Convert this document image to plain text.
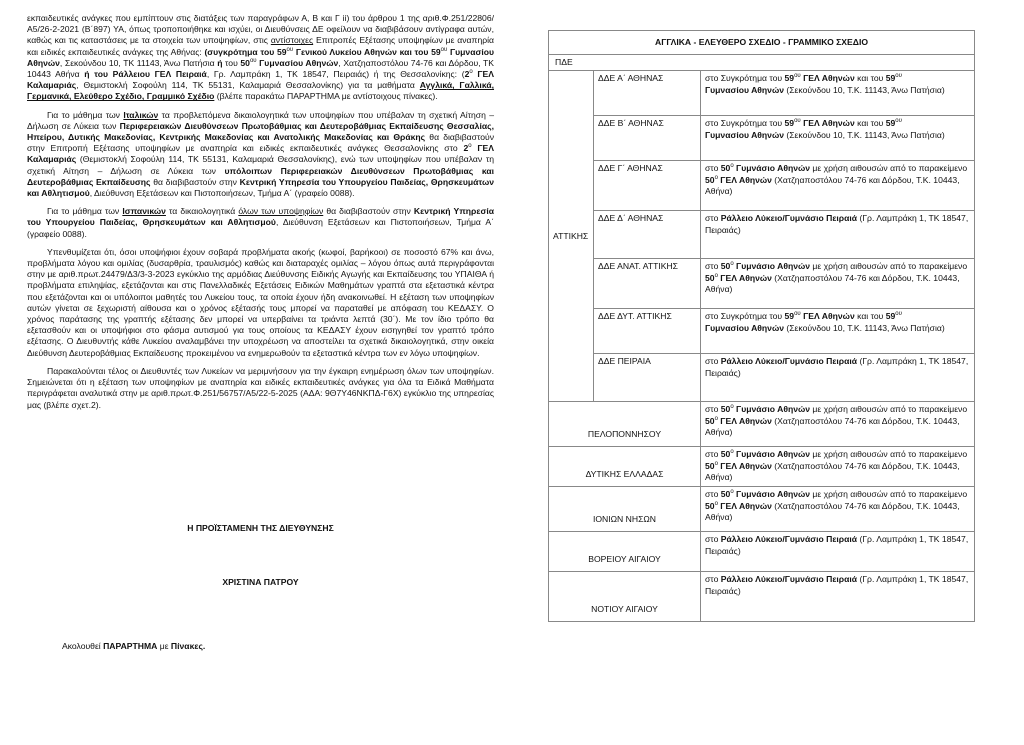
εκπαιδευτικές ανάγκες που εμπίπτουν στις διατάξεις των παραγράφων Α, Β και Γ ii) του άρθρου 1 της αριθ.Φ.251/22806/Α5/26-2-2021 (Β΄897) ΥΑ, όπως τροποποιήθηκε και ισχύει, οι Διευθύνσεις ΔΕ οφείλουν να διαβιβάσουν αντίγραφα αυτών, καθώς και τις καταστάσεις με τα στοιχεία των υποψηφίων, στις αντίστοιχες Επιτροπές Εξέτασης υποψηφίων με αναπηρία και ειδικές εκπαιδευτικές ανάγκες της Αθήνας: (συγκρότημα του $59^{o\upsilon}$ Γενικού Λυκείου Αθηνών και του $59^{o\upsilon}$ Γυμνασίου Αθηνών, Σεκούνδου 10, ΤΚ 11143, Άνω Πατήσια ή του $50^{o\upsilon}$ Γυμνασίου Αθηνών, Χατζηαποστόλου 74-76 και Δόρδου, ΤΚ 10443 Αθήνα ή του Ράλλειου ΓΕΛ Πειραιά, Γρ. Λαμπράκη 1, ΤΚ 18547, Πειραιάς) ή της Θεσσαλονίκης: ($2^o$ ΓΕΛ Καλαμαριάς, Θεμιστοκλή Σοφούλη 114, ΤΚ 55131, Καλαμαριά Θεσσαλονίκης) για τα μαθήματα Αγγλικά, Γαλλικά, Γερμανικά, Ελεύθερο Σχέδιο, Γραμμικό Σχέδιο (βλέπε παρακάτω ΠΑΡΑΡΤΗΜΑ με αντίστοιχους πίνακες).

Για το μάθημα των Ιταλικών τα προβλεπόμενα δικαιολογητικά των υποψηφίων που υπέβαλαν τη σχετική Αίτηση – Δήλωση σε Λύκεια των Περιφερειακών Διευθύνσεων Πρωτοβάθμιας και Δευτεροβάθμιας Εκπαίδευσης Θεσσαλίας, Ηπείρου, Δυτικής Μακεδονίας, Κεντρικής Μακεδονίας και Ανατολικής Μακεδονίας και Θράκης θα διαβιβαστούν στην Επιτροπή Εξέτασης υποψηφίων με αναπηρία και ειδικές εκπαιδευτικές ανάγκες Θεσσαλονίκης στο $2^o$ ΓΕΛ Καλαμαριάς (Θεμιστοκλή Σοφούλη 114, ΤΚ 55131, Καλαμαριά Θεσσαλονίκης), ενώ των υποψηφίων που υπέβαλαν τη σχετική Αίτηση – Δήλωση σε Λύκεια των υπόλοιπων Περιφερειακών Διευθύνσεων Πρωτοβάθμιας και Δευτεροβάθμιας Εκπαίδευσης θα διαβιβαστούν στην Κεντρική Υπηρεσία του Υπουργείου Παιδείας, Θρησκευμάτων και Αθλητισμού, Διεύθυνση Εξετάσεων και Πιστοποιήσεων, Τμήμα Α΄ (γραφείο 0088).

Για το μάθημα των Ισπανικών τα δικαιολογητικά όλων των υποψηφίων θα διαβιβαστούν στην Κεντρική Υπηρεσία του Υπουργείου Παιδείας, Θρησκευμάτων και Αθλητισμού, Διεύθυνση Εξετάσεων και Πιστοποιήσεων, Τμήμα Α΄ (γραφείο 0088).

Υπενθυμίζεται ότι, όσοι υποψήφιοι έχουν σοβαρά προβλήματα ακοής (κωφοί, βαρήκοοι) σε ποσοστό 67% και άνω, προβλήματα λόγου και ομιλίας (δυσαρθρία, τραυλισμός) καθώς και διαταραχές ομιλίας – λόγου όπως αυτά περιγράφονται στην με αριθ.πρωτ.24479/Δ3/3-3-2023 εγκύκλιο της αρμόδιας Διεύθυνσης Ειδικής Αγωγής και Εκπαίδευσης του ΥΠΑΙΘΑ ή προβλήματα επιληψίας, εξετάζονται και στις Πανελλαδικές Εξετάσεις Ειδικών Μαθημάτων γραπτά στα εξεταστικά κέντρα που εξετάζονται και οι υπόλοιποι μαθητές του Λυκείου τους, τα οποία έχουν ήδη ανακοινωθεί. Η εξέταση των υποψηφίων αυτών γίνεται σε ξεχωριστή αίθουσα και ο χρόνος εξέτασής τους μπορεί να παραταθεί με απόφαση του ΚΕΔΑΣΥ. Ο χρόνος παράτασης της γραπτής εξέτασης δεν μπορεί να υπερβαίνει τα τριάντα λεπτά (30΄). Με τον ίδιο τρόπο θα εξετασθούν και οι υποψήφιοι στο φάσμα αυτισμού για τους οποίους τα ΚΕΔΑΣΥ έχουν εισηγηθεί τον γραπτό τρόπο εξέτασης. Ο Διευθυντής κάθε Λυκείου αναλαμβάνει την υποχρέωση να αποστείλει τα σχετικά δικαιολογητικά, στην οικεία Διεύθυνση Δευτεροβάθμιας Εκπαίδευσης προκειμένου να ενημερωθούν τα εξεταστικά κέντρα των εν λόγω υποψηφίων.

Παρακαλούνται τέλος οι Διευθυντές των Λυκείων να μεριμνήσουν για την έγκαιρη ενημέρωση όλων των υποψηφίων. Σημειώνεται ότι η εξέταση των υποψηφίων με αναπηρία και ειδικές εκπαιδευτικές ανάγκες για όλα τα Ειδικά Μαθήματα περιγράφεται αναλυτικά στην με αριθ.πρωτ.Φ.251/56757/Α5/22-5-2025 (ΑΔΑ: 9Θ7Υ46ΝΚΠΔ-Γ6Χ) εγκύκλιο της υπηρεσίας μας (βλέπε σχετ.2).

Η ΠΡΟΪΣΤΑΜΕΝΗ ΤΗΣ ΔΙΕΥΘΥΝΣΗΣ

ΧΡΙΣΤΙΝΑ ΠΑΤΡΟΥ

Ακολουθεί ΠΑΡΑΡΤΗΜΑ με Πίνακες.
ΑΓΓΛΙΚΑ - ΕΛΕΥΘΕΡΟ ΣΧΕΔΙΟ - ΓΡΑΜΜΙΚΟ ΣΧΕΔΙΟ		
ΠΔΕ		
ΑΤΤΙΚΗΣ	ΔΔΕ Α΄ ΑΘΗΝΑΣ	στο Συγκρότημα του $59^{o\upsilon}$ ΓΕΛ Αθηνών και του $59^{o\upsilon}$
Γυμνασίου Αθηνών (Σεκούνδου 10, Τ.Κ. 11143, Άνω Πατήσια)
	ΔΔΕ Β΄ ΑΘΗΝΑΣ	στο Συγκρότημα του $59^{o\upsilon}$ ΓΕΛ Αθηνών και του $59^{o\upsilon}$
Γυμνασίου Αθηνών (Σεκούνδου 10, Τ.Κ. 11143, Άνω Πατήσια)
	ΔΔΕ Γ΄ ΑΘΗΝΑΣ	στο $50^o$ Γυμνάσιο Αθηνών με χρήση αιθουσών από το παρακείμενο $50^o$ ΓΕΛ Αθηνών (Χατζηαποστόλου 74-76 και Δόρδου, Τ.Κ. 10443, Αθήνα)
	ΔΔΕ Δ΄ ΑΘΗΝΑΣ	στο Ράλλειο Λύκειο/Γυμνάσιο Πειραιά (Γρ. Λαμπράκη 1, ΤΚ 18547, Πειραιάς)
	ΔΔΕ ΑΝΑΤ. ΑΤΤΙΚΗΣ	στο $50^o$ Γυμνάσιο Αθηνών με χρήση αιθουσών από το παρακείμενο $50^o$ ΓΕΛ Αθηνών (Χατζηαποστόλου 74-76 και Δόρδου, Τ.Κ. 10443, Αθήνα)
	ΔΔΕ ΔΥΤ. ΑΤΤΙΚΗΣ	στο Συγκρότημα του $59^{o\upsilon}$ ΓΕΛ Αθηνών και του $59^{o\upsilon}$
Γυμνασίου Αθηνών (Σεκούνδου 10, Τ.Κ. 11143, Άνω Πατήσια)
	ΔΔΕ ΠΕΙΡΑΙΑ	στο Ράλλειο Λύκειο/Γυμνάσιο Πειραιά (Γρ. Λαμπράκη 1, ΤΚ 18547, Πειραιάς)
ΠΕΛΟΠΟΝΝΗΣΟΥ		στο $50^o$ Γυμνάσιο Αθηνών με χρήση αιθουσών από το παρακείμενο $50^o$ ΓΕΛ Αθηνών (Χατζηαποστόλου 74-76 και Δόρδου, Τ.Κ. 10443, Αθήνα)
ΔΥΤΙΚΗΣ ΕΛΛΑΔΑΣ		στο $50^o$ Γυμνάσιο Αθηνών με χρήση αιθουσών από το παρακείμενο $50^o$ ΓΕΛ Αθηνών (Χατζηαποστόλου 74-76 και Δόρδου, Τ.Κ. 10443, Αθήνα)
ΙΟΝΙΩΝ ΝΗΣΩΝ		στο $50^o$ Γυμνάσιο Αθηνών με χρήση αιθουσών από το παρακείμενο $50^o$ ΓΕΛ Αθηνών (Χατζηαποστόλου 74-76 και Δόρδου, Τ.Κ. 10443, Αθήνα)
ΒΟΡΕΙΟΥ ΑΙΓΑΙΟΥ		στο Ράλλειο Λύκειο/Γυμνάσιο Πειραιά (Γρ. Λαμπράκη 1, ΤΚ 18547, Πειραιάς)
ΝΟΤΙΟΥ ΑΙΓΑΙΟΥ		στο Ράλλειο Λύκειο/Γυμνάσιο Πειραιά (Γρ. Λαμπράκη 1, ΤΚ 18547, Πειραιάς)
